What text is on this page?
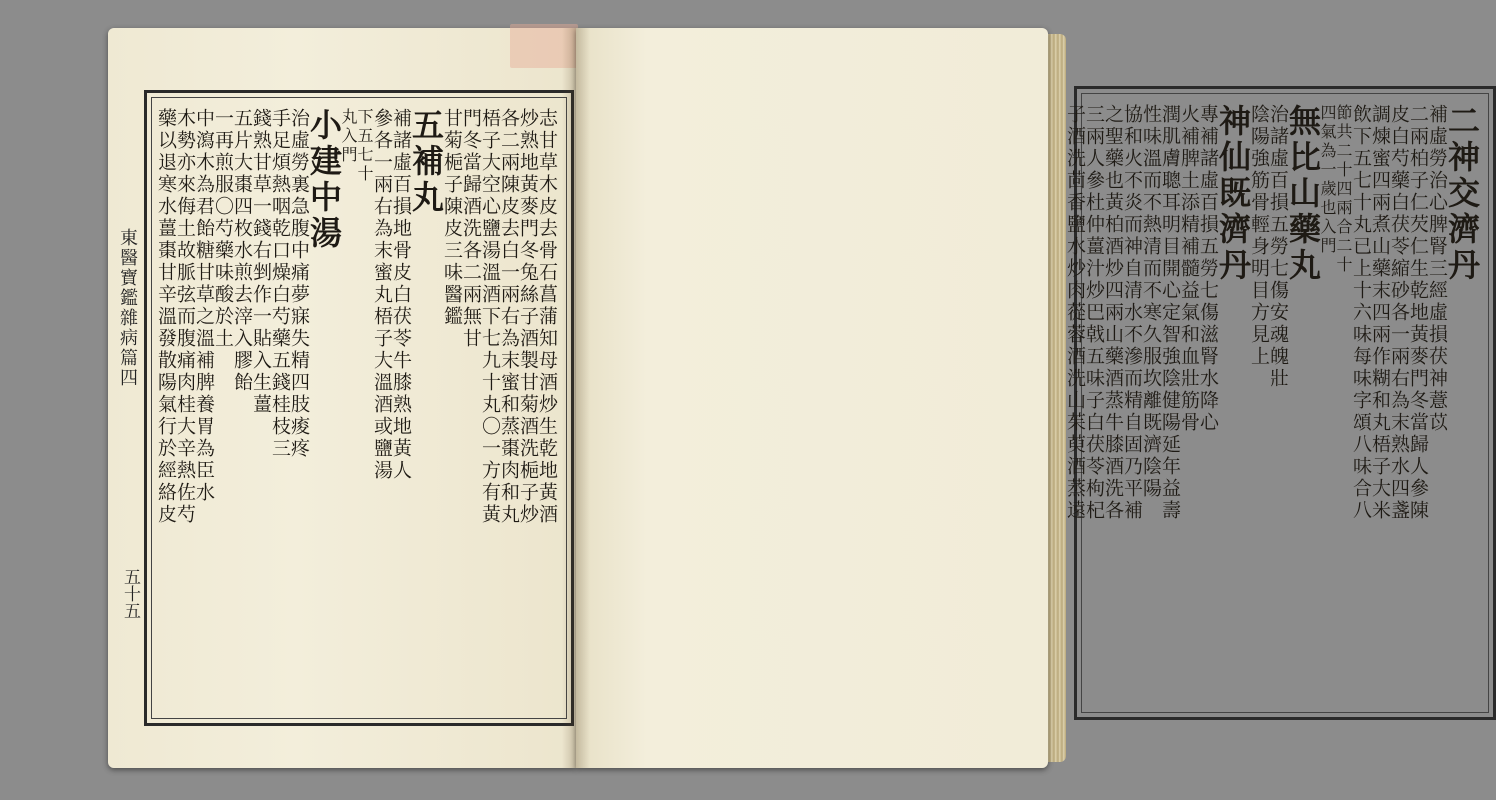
東醫寶鑑雜病篇四
五十五
志甘草木皮去骨石菖蒲知母酒炒生乾地黃酒
炒熟地黃麥門冬兔絲子酒製甘菊酒洗梔子炒
各二兩陳皮去白一兩右為末蜜和蒸棗肉和丸
梧子大空心鹽湯溫酒下七九十丸〇一方有黃
門冬當歸酒洗各二兩無甘
甘菊梔子陳皮三味醫鑑
五補丸
補諸虛百損地骨皮白茯苓牛膝熟地黃人
參各一兩右為末蜜丸梧子大溫酒或鹽湯
下五七十
丸入門
小建中湯
治虛勞裏急腹中痛夢寐失精四肢痠疼
手足煩熱咽乾口燥白芍藥五錢桂枝三
錢熟甘草一錢右剉作一貼入生薑
五片大棗四枚水煎去滓入膠飴
一再煎服〇芍藥味酸於土
中瀉木為君飴糖甘草之溫補脾養胃為臣水
木勢亦來侮土故脈弦而腹痛肉桂大辛熱佐芍
藥以退寒水薑棗甘辛溫發散陽氣行於經絡皮	二神交濟丹
補虛勞治心脾腎三經虛損茯神薏苡
二兩柏子仁芡仁生乾地黃麥門冬當歸人參陳
皮白芍藥白茯苓縮砂各一兩右為末熟水四盞
調煉蜜四兩煮山藥末四兩作糊和丸梧子大米
飲下五七十丸已上十六味每味字頌八味合八
節共二十四兩合二十
四氣為一歲也入門
無比山藥丸
治諸虛百損五勞七傷安魂魄壯
陰陽強筋骨輕身明目方見上
神仙既濟丹
專補諸虛百損五勞七傷滋腎水降心
火補脾土添精補髓益氣和血壯筋骨
潤肌膚聰耳明目開心定智強陰健陽延年益壽
性味溫而不熱清而不寒久服坎離既濟陰陽
協和火不炎而神自清水不滲而精自固乃平補
之聖藥也黃柏酒炒四兩山藥酒蒸牛膝酒洗各
三兩人參杜仲薑汁炒巴戟五味子白茯苓枸杞
子酒洗茴香鹽水炒肉蓯蓉酒洗山茱萸酒蒸遠
